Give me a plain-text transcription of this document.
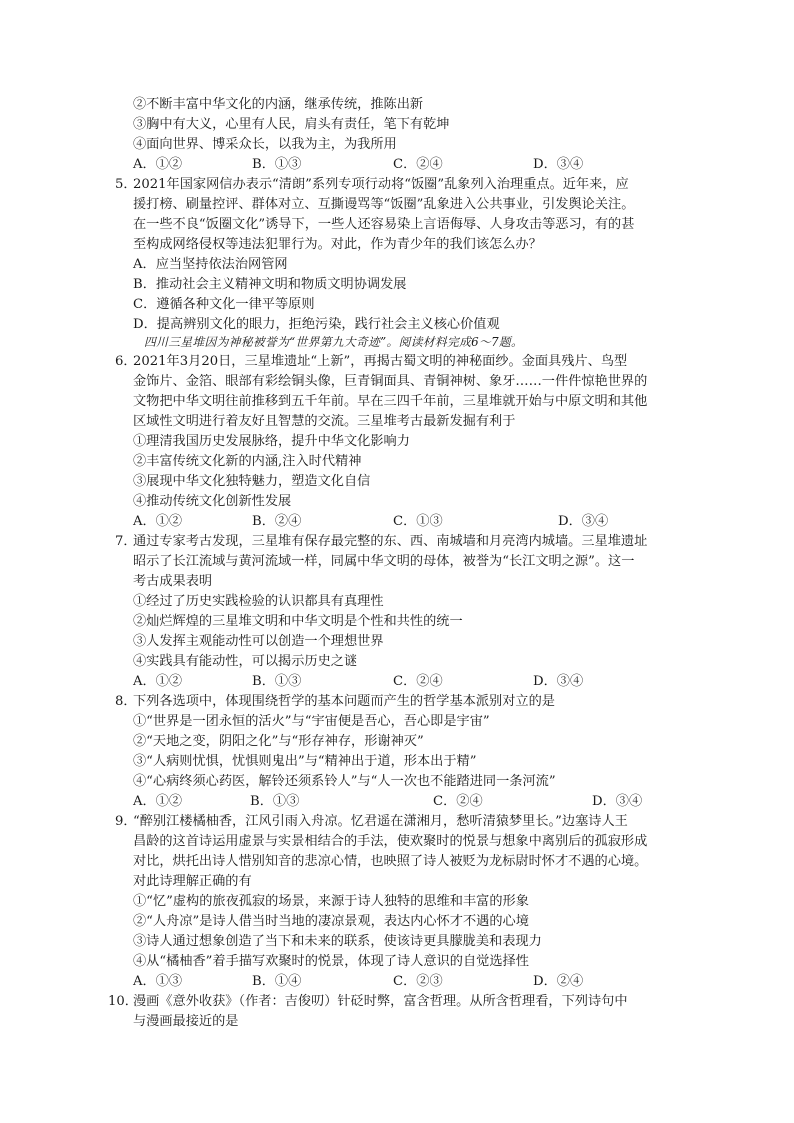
②不断丰富中华文化的内涵，继承传统，推陈出新
③胸中有大义，心里有人民，肩头有责任，笔下有乾坤
④面向世界、博采众长，以我为主，为我所用
A．①②	B．①③	C．②④	D．③④
5．2021年国家网信办表示“清朗”系列专项行动将“饭圈”乱象列入治理重点。近年来，应
援打榜、刷量控评、群体对立、互撕谩骂等“饭圈”乱象进入公共事业，引发舆论关注。
在一些不良“饭圈文化”诱导下，一些人还容易染上言语侮辱、人身攻击等恶习，有的甚
至构成网络侵权等违法犯罪行为。对此，作为青少年的我们该怎么办？
A．应当坚持依法治网管网
B．推动社会主义精神文明和物质文明协调发展
C．遵循各种文化一律平等原则
D．提高辨别文化的眼力，拒绝污染，践行社会主义核心价值观
四川三星堆因为神秘被誉为“世界第九大奇迹”。阅读材料完成6～7题。
6．2021年3月20日，三星堆遗址“上新”，再揭古蜀文明的神秘面纱。金面具残片、鸟型
金饰片、金箔、眼部有彩绘铜头像，巨青铜面具、青铜神树、象牙……一件件惊艳世界的
文物把中华文明往前推移到五千年前。早在三四千年前，三星堆就开始与中原文明和其他
区域性文明进行着友好且智慧的交流。三星堆考古最新发掘有利于
①理清我国历史发展脉络，提升中华文化影响力
②丰富传统文化新的内涵,注入时代精神
③展现中华文化独特魅力，塑造文化自信
④推动传统文化创新性发展
A．①②	B．②④	C．①③	D．③④
7．通过专家考古发现，三星堆有保存最完整的东、西、南城墙和月亮湾内城墙。三星堆遗址
昭示了长江流域与黄河流域一样，同属中华文明的母体，被誉为“长江文明之源”。这一
考古成果表明
①经过了历史实践检验的认识都具有真理性
②灿烂辉煌的三星堆文明和中华文明是个性和共性的统一
③人发挥主观能动性可以创造一个理想世界
④实践具有能动性，可以揭示历史之谜
A．①②	B．①③	C．②④	D．③④
8．下列各选项中，体现围绕哲学的基本问题而产生的哲学基本派别对立的是
①“世界是一团永恒的活火”与“宇宙便是吾心，吾心即是宇宙”
②“天地之变，阴阳之化”与“形存神存，形谢神灭”
③“人病则忧惧，忧惧则鬼出”与“精神出于道，形本出于精”
④“心病终须心药医，解铃还须系铃人”与“人一次也不能踏进同一条河流”
A．①②	B．①③	C．②④	D．③④
9．“醉别江楼橘柚香，江风引雨入舟凉。忆君遥在潇湘月，愁听清猿梦里长。”边塞诗人王
昌龄的这首诗运用虚景与实景相结合的手法，使欢聚时的悦景与想象中离别后的孤寂形成
对比，烘托出诗人惜别知音的悲凉心情，也映照了诗人被贬为龙标尉时怀才不遇的心境。
对此诗理解正确的有
①“忆”虚构的旅夜孤寂的场景，来源于诗人独特的思维和丰富的形象
②“人舟凉”是诗人借当时当地的凄凉景观，表达内心怀才不遇的心境
③诗人通过想象创造了当下和未来的联系，使该诗更具朦胧美和表现力
④从“橘柚香”着手描写欢聚时的悦景，体现了诗人意识的自觉选择性
A．①③	B．①④	C．②③	D．②④
10．漫画《意外收获》（作者：吉俊叨）针砭时弊，富含哲理。从所含哲理看，下列诗句中
与漫画最接近的是
